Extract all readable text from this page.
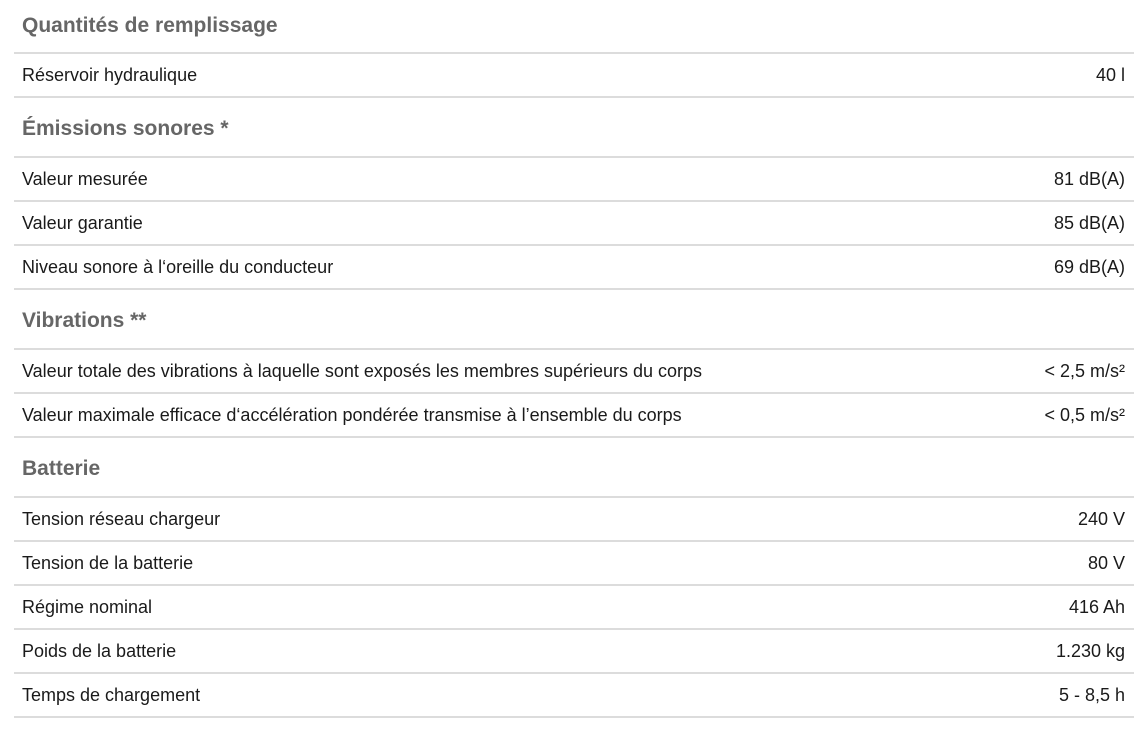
Quantités de remplissage
Réservoir hydraulique	40 l
Émissions sonores *
Valeur mesurée	81 dB(A)
Valeur garantie	85 dB(A)
Niveau sonore à l‘oreille du conducteur	69 dB(A)
Vibrations **
Valeur totale des vibrations à laquelle sont exposés les membres supérieurs du corps	< 2,5 m/s²
Valeur maximale efficace d‘accélération pondérée transmise à l’ensemble du corps	< 0,5 m/s²
Batterie
Tension réseau chargeur	240 V
Tension de la batterie	80 V
Régime nominal	416 Ah
Poids de la batterie	1.230 kg
Temps de chargement	5 - 8,5 h
